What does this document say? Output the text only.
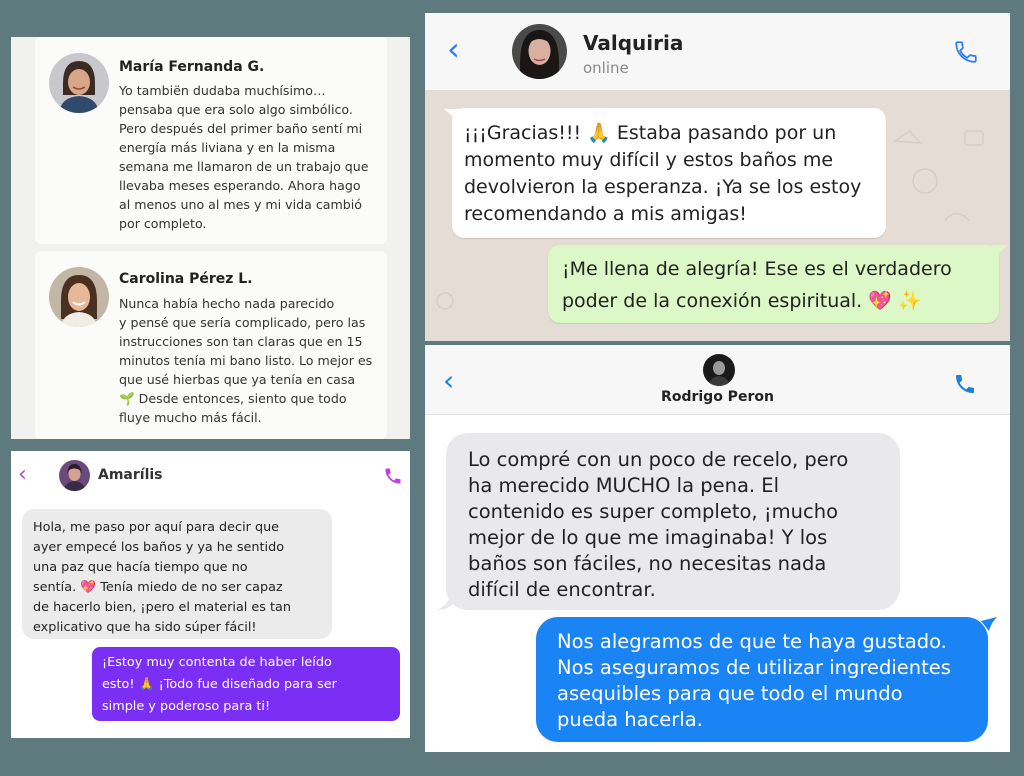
María Fernanda G.
Yo tambiën dudaba muchísimo…
pensaba que era solo algo simbólico.
Pero después del primer baño sentí mi
energía más liviana y en la misma
semana me llamaron de un trabajo que
llevaba meses esperando. Ahora hago
al menos uno al mes y mi vida cambió
por completo.
Carolina Pérez L.
Nunca había hecho nada parecido
y pensé que sería complicado, pero las
instrucciones son tan claras que en 15
minutos tenía mi bano listo. Lo mejor es
que usé hierbas que ya tenía en casa
🌱 Desde entonces, siento que todo
fluye mucho más fácil.
‹	Amarílis
Hola, me paso por aquí para decir que
ayer empecé los baños y ya he sentido
una paz que hacía tiempo que no
sentía. 💖 Tenía miedo de no ser capaz
de hacerlo bien, ¡pero el material es tan
explicativo que ha sido súper fácil!
¡Estoy muy contenta de haber leído
esto! 🙏 ¡Todo fue diseñado para ser
simple y poderoso para ti!
‹	Valquiria
online
¡¡¡Gracias!!! 🙏 Estaba pasando por un
momento muy difícil y estos baños me
devolvieron la esperanza. ¡Ya se los estoy
recomendando a mis amigas!
¡Me llena de alegría! Ese es el verdadero
poder de la conexión espiritual. 💖 ✨
‹	Rodrigo Peron
Lo compré con un poco de recelo, pero
ha merecido MUCHO la pena. El
contenido es super completo, ¡mucho
mejor de lo que me imaginaba! Y los
baños son fáciles, no necesitas nada
difícil de encontrar.
Nos alegramos de que te haya gustado.
Nos aseguramos de utilizar ingredientes
asequibles para que todo el mundo
pueda hacerla.
